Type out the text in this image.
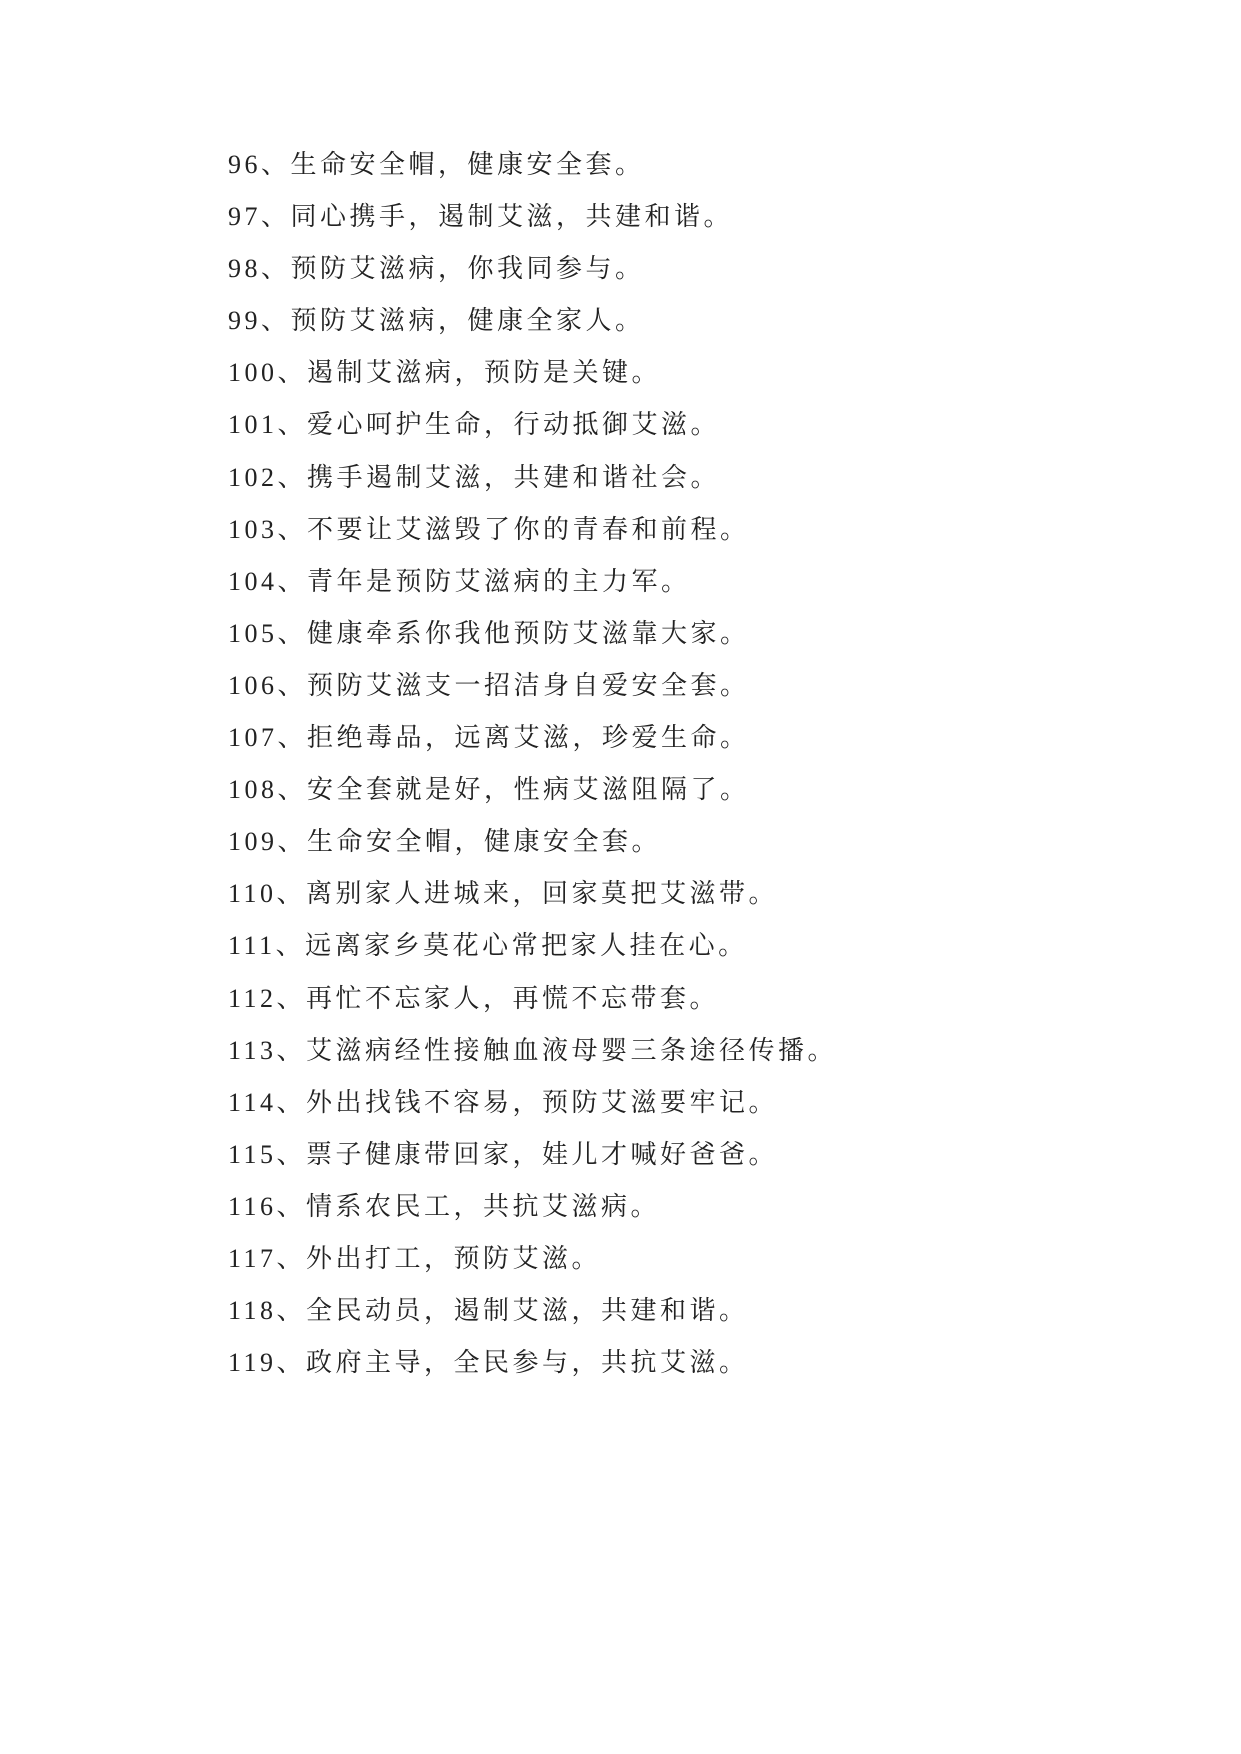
96、生命安全帽，健康安全套。
97、同心携手，遏制艾滋，共建和谐。
98、预防艾滋病，你我同参与。
99、预防艾滋病，健康全家人。
100、遏制艾滋病，预防是关键。
101、爱心呵护生命，行动抵御艾滋。
102、携手遏制艾滋，共建和谐社会。
103、不要让艾滋毁了你的青春和前程。
104、青年是预防艾滋病的主力军。
105、健康牵系你我他预防艾滋靠大家。
106、预防艾滋支一招洁身自爱安全套。
107、拒绝毒品，远离艾滋，珍爱生命。
108、安全套就是好，性病艾滋阻隔了。
109、生命安全帽，健康安全套。
110、离别家人进城来，回家莫把艾滋带。
111、远离家乡莫花心常把家人挂在心。
112、再忙不忘家人，再慌不忘带套。
113、艾滋病经性接触血液母婴三条途径传播。
114、外出找钱不容易，预防艾滋要牢记。
115、票子健康带回家，娃儿才喊好爸爸。
116、情系农民工，共抗艾滋病。
117、外出打工，预防艾滋。
118、全民动员，遏制艾滋，共建和谐。
119、政府主导，全民参与，共抗艾滋。
